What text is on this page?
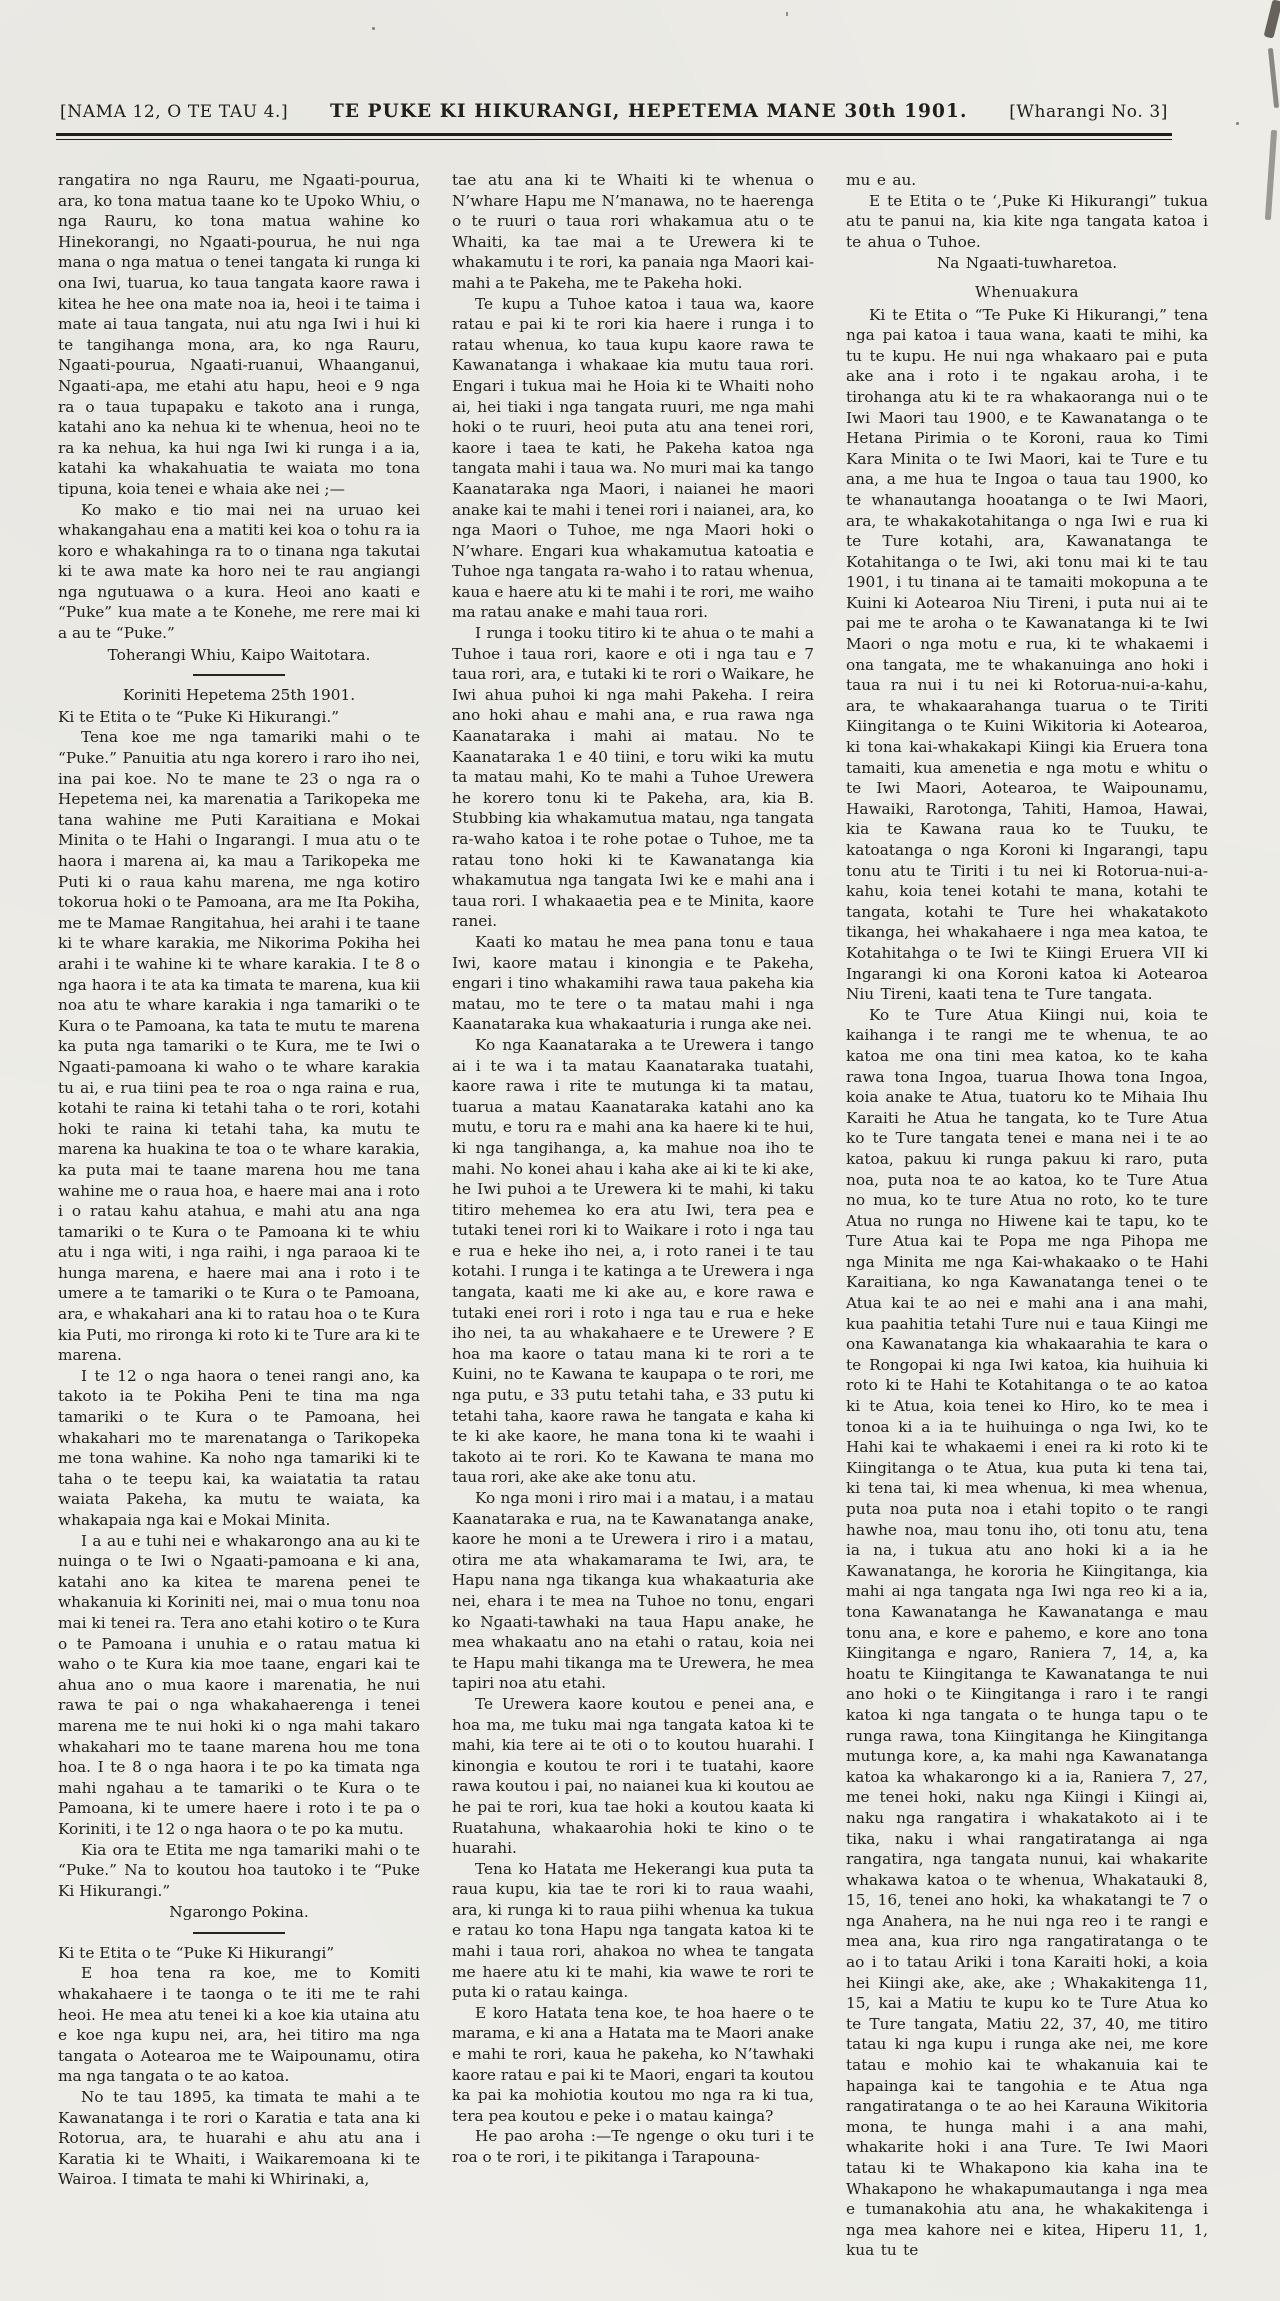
[NAMA 12, O TE TAU 4.] TE PUKE KI HIKURANGI, HEPETEMA MANE 30th 1901. [Wharangi No. 3]
rangatira no nga Rauru, me Ngaati-pourua, ara, ko tona matua taane ko te Upoko Whiu, o nga Rauru, ko tona matua wahine ko Hinekorangi, no Ngaati-pourua, he nui nga mana o nga matua o tenei tangata ki runga ki ona Iwi, tuarua, ko taua tangata kaore rawa i kitea he hee ona mate noa ia, heoi i te taima i mate ai taua tangata, nui atu nga Iwi i hui ki te tangihanga mona, ara, ko nga Rauru, Ngaati-pourua, Ngaati-ruanui, Whaanganui, Ngaati-apa, me etahi atu hapu, heoi e 9 nga ra o taua tupapaku e takoto ana i runga, katahi ano ka nehua ki te whenua, heoi no te ra ka nehua, ka hui nga Iwi ki runga i a ia, katahi ka whakahuatia te waiata mo tona tipuna, koia tenei e whaia ake nei ;—
Ko mako e tio mai nei na uruao kei whakangahau ena a matiti kei koa o tohu ra ia koro e whakahinga ra to o tinana nga takutai ki te awa mate ka horo nei te rau angiangi nga ngutuawa o a kura. Heoi ano kaati e “Puke” kua mate a te Konehe, me rere mai ki a au te “Puke.”
Toherangi Whiu, Kaipo Waitotara.
Koriniti Hepetema 25th 1901.
Ki te Etita o te “Puke Ki Hikurangi.”
Tena koe me nga tamariki mahi o te “Puke.” Panuitia atu nga korero i raro iho nei, ina pai koe. No te mane te 23 o nga ra o Hepetema nei, ka marenatia a Tarikopeka me tana wahine me Puti Karaitiana e Mokai Minita o te Hahi o Ingarangi. I mua atu o te haora i marena ai, ka mau a Tarikopeka me Puti ki o raua kahu marena, me nga kotiro tokorua hoki o te Pamoana, ara me Ita Pokiha, me te Mamae Rangitahua, hei arahi i te taane ki te whare karakia, me Nikorima Pokiha hei arahi i te wahine ki te whare karakia. I te 8 o nga haora i te ata ka timata te marena, kua kii noa atu te whare karakia i nga tamariki o te Kura o te Pamoana, ka tata te mutu te marena ka puta nga tamariki o te Kura, me te Iwi o Ngaati-pamoana ki waho o te whare karakia tu ai, e rua tiini pea te roa o nga raina e rua, kotahi te raina ki tetahi taha o te rori, kotahi hoki te raina ki tetahi taha, ka mutu te marena ka huakina te toa o te whare karakia, ka puta mai te taane marena hou me tana wahine me o raua hoa, e haere mai ana i roto i o ratau kahu atahua, e mahi atu ana nga tamariki o te Kura o te Pamoana ki te whiu atu i nga witi, i nga raihi, i nga paraoa ki te hunga marena, e haere mai ana i roto i te umere a te tamariki o te Kura o te Pamoana, ara, e whakahari ana ki to ratau hoa o te Kura kia Puti, mo rironga ki roto ki te Ture ara ki te marena.
I te 12 o nga haora o tenei rangi ano, ka takoto ia te Pokiha Peni te tina ma nga tamariki o te Kura o te Pamoana, hei whakahari mo te marenatanga o Tarikopeka me tona wahine. Ka noho nga tamariki ki te taha o te teepu kai, ka waiatatia ta ratau waiata Pakeha, ka mutu te waiata, ka whakapaia nga kai e Mokai Minita.
I a au e tuhi nei e whakarongo ana au ki te nuinga o te Iwi o Ngaati-pamoana e ki ana, katahi ano ka kitea te marena penei te whakanuia ki Koriniti nei, mai o mua tonu noa mai ki tenei ra. Tera ano etahi kotiro o te Kura o te Pamoana i unuhia e o ratau matua ki waho o te Kura kia moe taane, engari kai te ahua ano o mua kaore i marenatia, he nui rawa te pai o nga whakahaerenga i tenei marena me te nui hoki ki o nga mahi takaro whakahari mo te taane marena hou me tona hoa. I te 8 o nga haora i te po ka timata nga mahi ngahau a te tamariki o te Kura o te Pamoana, ki te umere haere i roto i te pa o Koriniti, i te 12 o nga haora o te po ka mutu.
Kia ora te Etita me nga tamariki mahi o te “Puke.” Na to koutou hoa tautoko i te “Puke Ki Hikurangi.”
Ngarongo Pokina.
Ki te Etita o te “Puke Ki Hikurangi”
E hoa tena ra koe, me to Komiti whakahaere i te taonga o te iti me te rahi heoi. He mea atu tenei ki a koe kia utaina atu e koe nga kupu nei, ara, hei titiro ma nga tangata o Aotearoa me te Waipounamu, otira ma nga tangata o te ao katoa.
No te tau 1895, ka timata te mahi a te Kawanatanga i te rori o Karatia e tata ana ki Rotorua, ara, te huarahi e ahu atu ana i Karatia ki te Whaiti, i Waikaremoana ki te Wairoa. I timata te mahi ki Whirinaki, a,
tae atu ana ki te Whaiti ki te whenua o N’whare Hapu me N’manawa, no te haerenga o te ruuri o taua rori whakamua atu o te Whaiti, ka tae mai a te Urewera ki te whakamutu i te rori, ka panaia nga Maori kai-mahi a te Pakeha, me te Pakeha hoki.
Te kupu a Tuhoe katoa i taua wa, kaore ratau e pai ki te rori kia haere i runga i to ratau whenua, ko taua kupu kaore rawa te Kawanatanga i whakaae kia mutu taua rori. Engari i tukua mai he Hoia ki te Whaiti noho ai, hei tiaki i nga tangata ruuri, me nga mahi hoki o te ruuri, heoi puta atu ana tenei rori, kaore i taea te kati, he Pakeha katoa nga tangata mahi i taua wa. No muri mai ka tango Kaanataraka nga Maori, i naianei he maori anake kai te mahi i tenei rori i naianei, ara, ko nga Maori o Tuhoe, me nga Maori hoki o N’whare. Engari kua whakamutua katoatia e Tuhoe nga tangata ra-waho i to ratau whenua, kaua e haere atu ki te mahi i te rori, me waiho ma ratau anake e mahi taua rori.
I runga i tooku titiro ki te ahua o te mahi a Tuhoe i taua rori, kaore e oti i nga tau e 7 taua rori, ara, e tutaki ki te rori o Waikare, he Iwi ahua puhoi ki nga mahi Pakeha. I reira ano hoki ahau e mahi ana, e rua rawa nga Kaanataraka i mahi ai matau. No te Kaanataraka 1 e 40 tiini, e toru wiki ka mutu ta matau mahi, Ko te mahi a Tuhoe Urewera he korero tonu ki te Pakeha, ara, kia B. Stubbing kia whakamutua matau, nga tangata ra-waho katoa i te rohe potae o Tuhoe, me ta ratau tono hoki ki te Kawanatanga kia whakamutua nga tangata Iwi ke e mahi ana i taua rori. I whakaaetia pea e te Minita, kaore ranei.
Kaati ko matau he mea pana tonu e taua Iwi, kaore matau i kinongia e te Pakeha, engari i tino whakamihi rawa taua pakeha kia matau, mo te tere o ta matau mahi i nga Kaanataraka kua whakaaturia i runga ake nei.
Ko nga Kaanataraka a te Urewera i tango ai i te wa i ta matau Kaanataraka tuatahi, kaore rawa i rite te mutunga ki ta matau, tuarua a matau Kaanataraka katahi ano ka mutu, e toru ra e mahi ana ka haere ki te hui, ki nga tangihanga, a, ka mahue noa iho te mahi. No konei ahau i kaha ake ai ki te ki ake, he Iwi puhoi a te Urewera ki te mahi, ki taku titiro mehemea ko era atu Iwi, tera pea e tutaki tenei rori ki to Waikare i roto i nga tau e rua e heke iho nei, a, i roto ranei i te tau kotahi. I runga i te katinga a te Urewera i nga tangata, kaati me ki ake au, e kore rawa e tutaki enei rori i roto i nga tau e rua e heke iho nei, ta au whakahaere e te Urewere ? E hoa ma kaore o tatau mana ki te rori a te Kuini, no te Kawana te kaupapa o te rori, me nga putu, e 33 putu tetahi taha, e 33 putu ki tetahi taha, kaore rawa he tangata e kaha ki te ki ake kaore, he mana tona ki te waahi i takoto ai te rori. Ko te Kawana te mana mo taua rori, ake ake ake tonu atu.
Ko nga moni i riro mai i a matau, i a matau Kaanataraka e rua, na te Kawanatanga anake, kaore he moni a te Urewera i riro i a matau, otira me ata whakamarama te Iwi, ara, te Hapu nana nga tikanga kua whakaaturia ake nei, ehara i te mea na Tuhoe no tonu, engari ko Ngaati-tawhaki na taua Hapu anake, he mea whakaatu ano na etahi o ratau, koia nei te Hapu mahi tikanga ma te Urewera, he mea tapiri noa atu etahi.
Te Urewera kaore koutou e penei ana, e hoa ma, me tuku mai nga tangata katoa ki te mahi, kia tere ai te oti o to koutou huarahi. I kinongia e koutou te rori i te tuatahi, kaore rawa koutou i pai, no naianei kua ki koutou ae he pai te rori, kua tae hoki a koutou kaata ki Ruatahuna, whakaarohia hoki te kino o te huarahi.
Tena ko Hatata me Hekerangi kua puta ta raua kupu, kia tae te rori ki to raua waahi, ara, ki runga ki to raua piihi whenua ka tukua e ratau ko tona Hapu nga tangata katoa ki te mahi i taua rori, ahakoa no whea te tangata me haere atu ki te mahi, kia wawe te rori te puta ki o ratau kainga.
E koro Hatata tena koe, te hoa haere o te marama, e ki ana a Hatata ma te Maori anake e mahi te rori, kaua he pakeha, ko N’tawhaki kaore ratau e pai ki te Maori, engari ta koutou ka pai ka mohiotia koutou mo nga ra ki tua, tera pea koutou e peke i o matau kainga?
He pao aroha :—Te ngenge o oku turi i te roa o te rori, i te pikitanga i Tarapouna-
mu e au.
E te Etita o te ‘,Puke Ki Hikurangi” tukua atu te panui na, kia kite nga tangata katoa i te ahua o Tuhoe.
Na Ngaati-tuwharetoa.
Whenuakura
Ki te Etita o “Te Puke Ki Hikurangi,” tena nga pai katoa i taua wana, kaati te mihi, ka tu te kupu. He nui nga whakaaro pai e puta ake ana i roto i te ngakau aroha, i te tirohanga atu ki te ra whakaoranga nui o te Iwi Maori tau 1900, e te Kawanatanga o te Hetana Pirimia o te Koroni, raua ko Timi Kara Minita o te Iwi Maori, kai te Ture e tu ana, a me hua te Ingoa o taua tau 1900, ko te whanautanga hooatanga o te Iwi Maori, ara, te whakakotahitanga o nga Iwi e rua ki te Ture kotahi, ara, Kawanatanga te Kotahitanga o te Iwi, aki tonu mai ki te tau 1901, i tu tinana ai te tamaiti mokopuna a te Kuini ki Aotearoa Niu Tireni, i puta nui ai te pai me te aroha o te Kawanatanga ki te Iwi Maori o nga motu e rua, ki te whakaemi i ona tangata, me te whakanuinga ano hoki i taua ra nui i tu nei ki Rotorua-nui-a-kahu, ara, te whakaarahanga tuarua o te Tiriti Kiingitanga o te Kuini Wikitoria ki Aotearoa, ki tona kai-whakakapi Kiingi kia Eruera tona tamaiti, kua amenetia e nga motu e whitu o te Iwi Maori, Aotearoa, te Waipounamu, Hawaiki, Rarotonga, Tahiti, Hamoa, Hawai, kia te Kawana raua ko te Tuuku, te katoatanga o nga Koroni ki Ingarangi, tapu tonu atu te Tiriti i tu nei ki Rotorua-nui-a-kahu, koia tenei kotahi te mana, kotahi te tangata, kotahi te Ture hei whakatakoto tikanga, hei whakahaere i nga mea katoa, te Kotahitahga o te Iwi te Kiingi Eruera VII ki Ingarangi ki ona Koroni katoa ki Aotearoa Niu Tireni, kaati tena te Ture tangata.
Ko te Ture Atua Kiingi nui, koia te kaihanga i te rangi me te whenua, te ao katoa me ona tini mea katoa, ko te kaha rawa tona Ingoa, tuarua Ihowa tona Ingoa, koia anake te Atua, tuatoru ko te Mihaia Ihu Karaiti he Atua he tangata, ko te Ture Atua ko te Ture tangata tenei e mana nei i te ao katoa, pakuu ki runga pakuu ki raro, puta noa, puta noa te ao katoa, ko te Ture Atua no mua, ko te ture Atua no roto, ko te ture Atua no runga no Hiwene kai te tapu, ko te Ture Atua kai te Popa me nga Pihopa me nga Minita me nga Kai-whakaako o te Hahi Karaitiana, ko nga Kawanatanga tenei o te Atua kai te ao nei e mahi ana i ana mahi, kua paahitia tetahi Ture nui e taua Kiingi me ona Kawanatanga kia whakaarahia te kara o te Rongopai ki nga Iwi katoa, kia huihuia ki roto ki te Hahi te Kotahitanga o te ao katoa ki te Atua, koia tenei ko Hiro, ko te mea i tonoa ki a ia te huihuinga o nga Iwi, ko te Hahi kai te whakaemi i enei ra ki roto ki te Kiingitanga o te Atua, kua puta ki tena tai, ki tena tai, ki mea whenua, ki mea whenua, puta noa puta noa i etahi topito o te rangi hawhe noa, mau tonu iho, oti tonu atu, tena ia na, i tukua atu ano hoki ki a ia he Kawanatanga, he kororia he Kiingitanga, kia mahi ai nga tangata nga Iwi nga reo ki a ia, tona Kawanatanga he Kawanatanga e mau tonu ana, e kore e pahemo, e kore ano tona Kiingitanga e ngaro, Raniera 7, 14, a, ka hoatu te Kiingitanga te Kawanatanga te nui ano hoki o te Kiingitanga i raro i te rangi katoa ki nga tangata o te hunga tapu o te runga rawa, tona Kiingitanga he Kiingitanga mutunga kore, a, ka mahi nga Kawanatanga katoa ka whakarongo ki a ia, Raniera 7, 27, me tenei hoki, naku nga Kiingi i Kiingi ai, naku nga rangatira i whakatakoto ai i te tika, naku i whai rangatiratanga ai nga rangatira, nga tangata nunui, kai whakarite whakawa katoa o te whenua, Whakatauki 8, 15, 16, tenei ano hoki, ka whakatangi te 7 o nga Anahera, na he nui nga reo i te rangi e mea ana, kua riro nga rangatiratanga o te ao i to tatau Ariki i tona Karaiti hoki, a koia hei Kiingi ake, ake, ake ; Whakakitenga 11, 15, kai a Matiu te kupu ko te Ture Atua ko te Ture tangata, Matiu 22, 37, 40, me titiro tatau ki nga kupu i runga ake nei, me kore tatau e mohio kai te whakanuia kai te hapainga kai te tangohia e te Atua nga rangatiratanga o te ao hei Karauna Wikitoria mona, te hunga mahi i a ana mahi, whakarite hoki i ana Ture. Te Iwi Maori tatau ki te Whakapono kia kaha ina te Whakapono he whakapumautanga i nga mea e tumanakohia atu ana, he whakakitenga i nga mea kahore nei e kitea, Hiperu 11, 1, kua tu te
